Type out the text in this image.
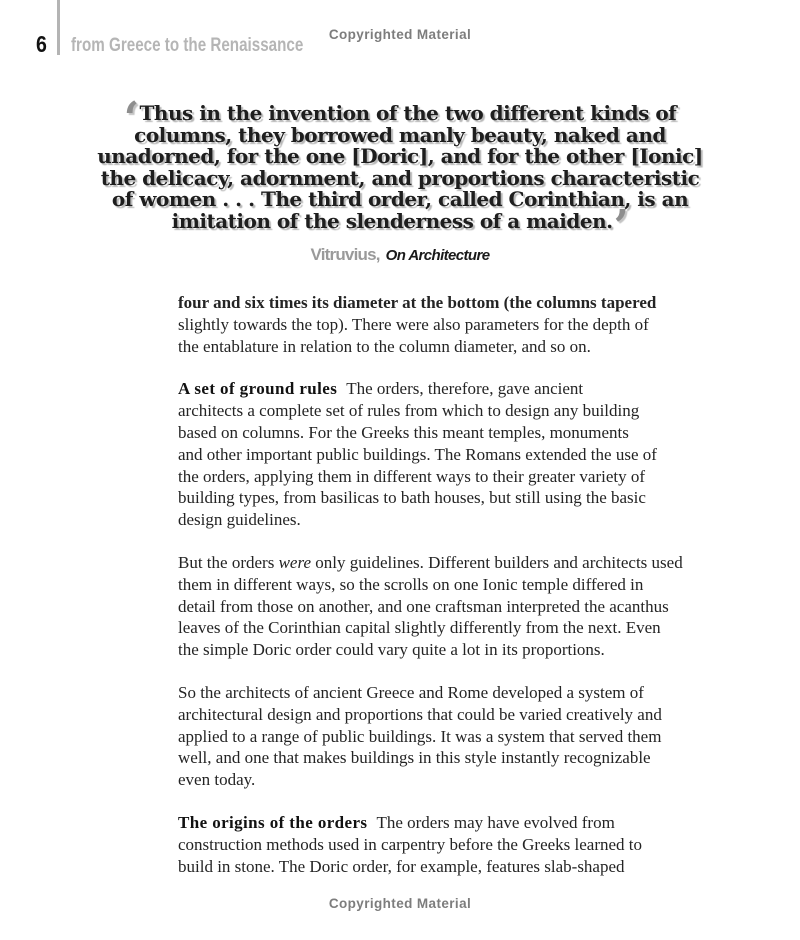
6 from Greece to the Renaissance
Copyrighted Material
‘Thus in the invention of the two different kinds of
columns, they borrowed manly beauty, naked and
unadorned, for the one [Doric], and for the other [Ionic]
the delicacy, adornment, and proportions characteristic
of women . . . The third order, called Corinthian, is an
imitation of the slenderness of a maiden.’
Vitruvius, On Architecture
four and six times its diameter at the bottom (the columns tapered
slightly towards the top). There were also parameters for the depth of
the entablature in relation to the column diameter, and so on.
A set of ground rules The orders, therefore, gave ancient
architects a complete set of rules from which to design any building
based on columns. For the Greeks this meant temples, monuments
and other important public buildings. The Romans extended the use of
the orders, applying them in different ways to their greater variety of
building types, from basilicas to bath houses, but still using the basic
design guidelines.
But the orders were only guidelines. Different builders and architects used
them in different ways, so the scrolls on one Ionic temple differed in
detail from those on another, and one craftsman interpreted the acanthus
leaves of the Corinthian capital slightly differently from the next. Even
the simple Doric order could vary quite a lot in its proportions.
So the architects of ancient Greece and Rome developed a system of
architectural design and proportions that could be varied creatively and
applied to a range of public buildings. It was a system that served them
well, and one that makes buildings in this style instantly recognizable
even today.
The origins of the orders The orders may have evolved from
construction methods used in carpentry before the Greeks learned to
build in stone. The Doric order, for example, features slab-shaped
Copyrighted Material
